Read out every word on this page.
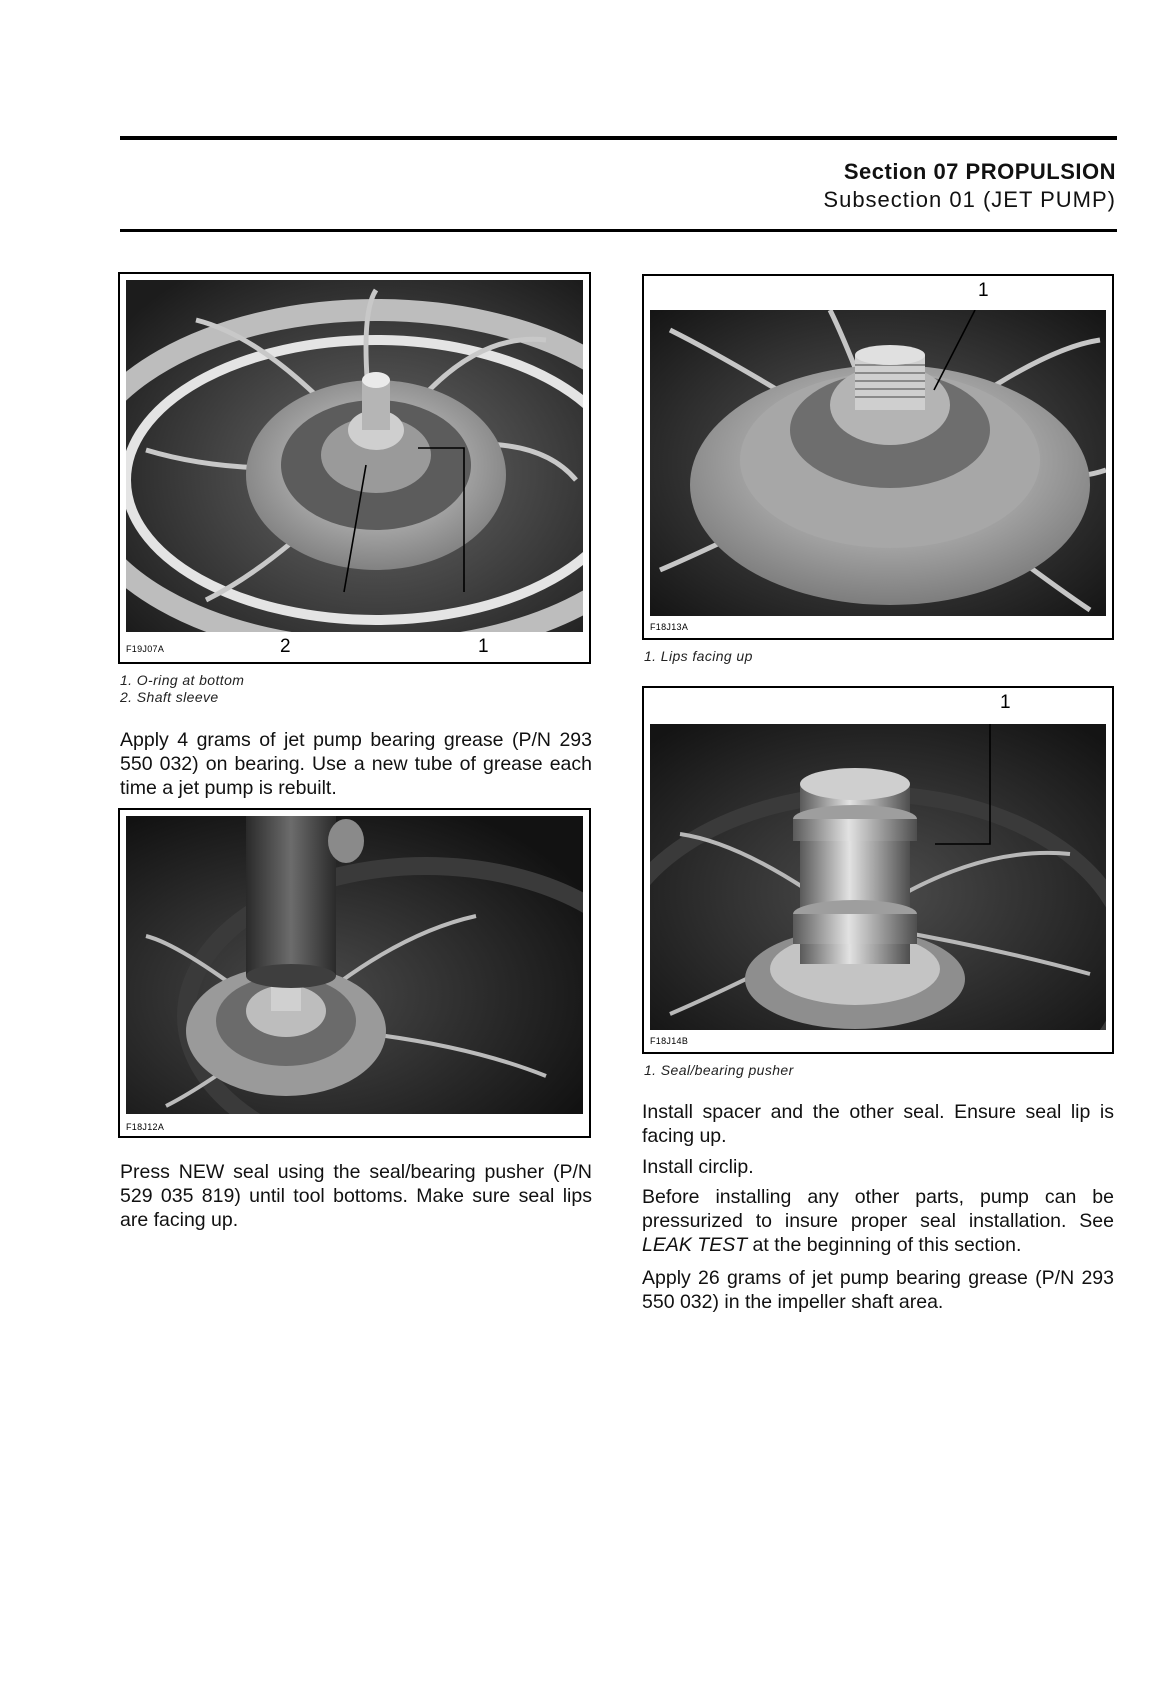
Section 07 PROPULSION
Subsection 01 (JET PUMP)
F19J07A	2	1
1. O-ring at bottom
2. Shaft sleeve
Apply 4 grams of jet pump bearing grease (P/N 293 550 032) on bearing. Use a new tube of grease each time a jet pump is rebuilt.
F18J12A
Press NEW seal using the seal/bearing pusher (P/N 529 035 819) until tool bottoms. Make sure seal lips are facing up.
1
F18J13A
1. Lips facing up
1
F18J14B
1. Seal/bearing pusher
Install spacer and the other seal. Ensure seal lip is facing up.
Install circlip.
Before installing any other parts, pump can be pressurized to insure proper seal installation. See LEAK TEST at the beginning of this section.
Apply 26 grams of jet pump bearing grease (P/N 293 550 032) in the impeller shaft area.
